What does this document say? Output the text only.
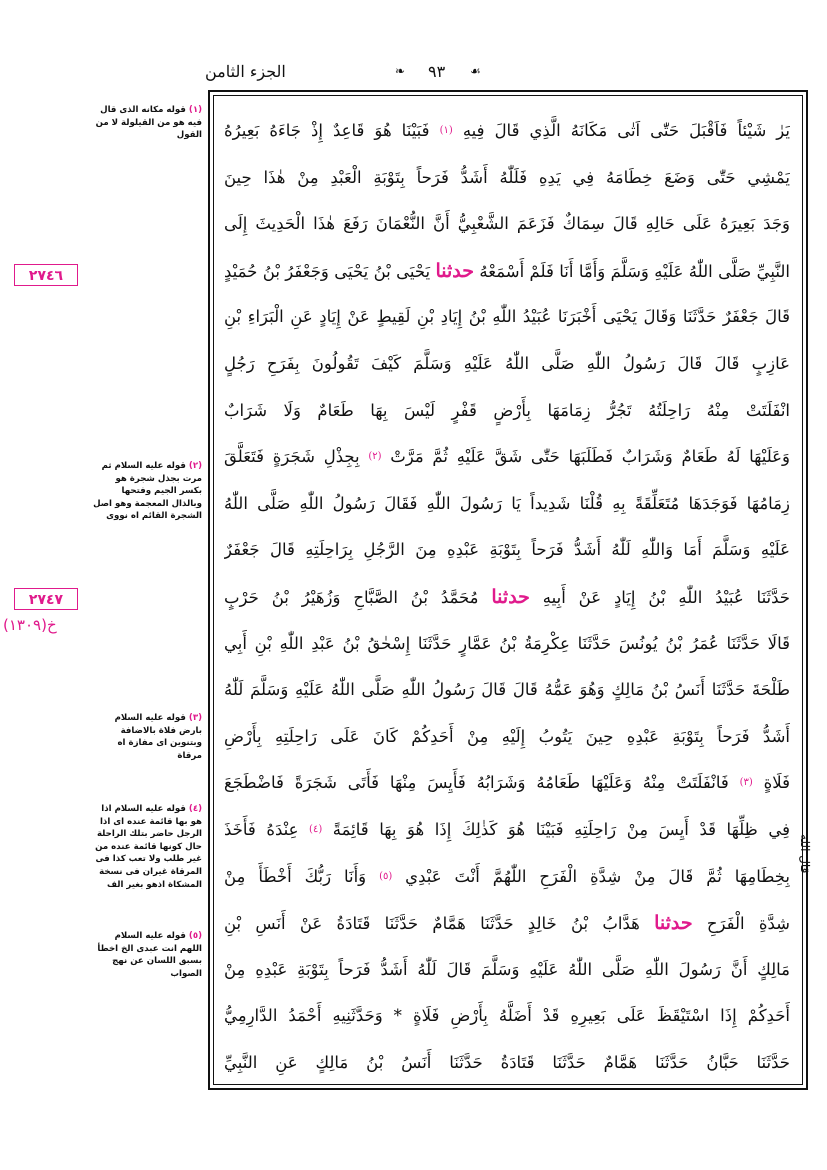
❧ ٩٣ ☙
الجزء الثامن
يَرٰ شَيْئاً فَاَقْبَلَ حَتّٰى اَتٰى مَكَانَهُ الَّذِي قَالَ فِيهِ $^{(١)}$ فَبَيْنَا هُوَ قَاعِدٌ إِذْ جَاءَهُ بَعِيرُهُ
يَمْشِي حَتّٰى وَضَعَ خِطَامَهُ فِي يَدِهِ فَلَلّٰهُ أَشَدُّ فَرَحاً بِتَوْبَةِ الْعَبْدِ مِنْ هٰذَا حِينَ
وَجَدَ بَعِيرَهُ عَلَى حَالِهِ قَالَ سِمَاكٌ فَزَعَمَ الشَّعْبِيُّ أَنَّ النُّعْمَانَ رَفَعَ هٰذَا الْحَدِيثَ إِلَى
النَّبِيِّ صَلَّى اللّٰهُ عَلَيْهِ وَسَلَّمَ وَأَمَّا أَنَا فَلَمْ أَسْمَعْهُ حدثنا يَحْيَى بْنُ يَحْيَى وَجَعْفَرُ بْنُ حُمَيْدٍ
قَالَ جَعْفَرٌ حَدَّثَنَا وَقَالَ يَحْيَى أَخْبَرَنَا عُبَيْدُ اللّٰهِ بْنُ إِيَادِ بْنِ لَقِيطٍ عَنْ إِيَادٍ عَنِ الْبَرَاءِ بْنِ
عَازِبٍ قَالَ قَالَ رَسُولُ اللّٰهِ صَلَّى اللّٰهُ عَلَيْهِ وَسَلَّمَ كَيْفَ تَقُولُونَ بِفَرَحِ رَجُلٍ
انْفَلَتَتْ مِنْهُ رَاحِلَتُهُ تَجُرُّ زِمَامَهَا بِأَرْضٍ قَفْرٍ لَيْسَ بِهَا طَعَامٌ وَلَا شَرَابٌ
وَعَلَيْهَا لَهُ طَعَامٌ وَشَرَابٌ فَطَلَبَهَا حَتّٰى شَقَّ عَلَيْهِ ثُمَّ مَرَّتْ $^{(٢)}$ بِجِذْلِ شَجَرَةٍ فَتَعَلَّقَ
زِمَامُهَا فَوَجَدَهَا مُتَعَلِّقَةً بِهِ قُلْنَا شَدِيداً يَا رَسُولَ اللّٰهِ فَقَالَ رَسُولُ اللّٰهِ صَلَّى اللّٰهُ
عَلَيْهِ وَسَلَّمَ أَمَا وَاللّٰهِ لَلّٰهُ أَشَدُّ فَرَحاً بِتَوْبَةِ عَبْدِهِ مِنَ الرَّجُلِ بِرَاحِلَتِهِ قَالَ جَعْفَرٌ
حَدَّثَنَا عُبَيْدُ اللّٰهِ بْنُ إِيَادٍ عَنْ أَبِيهِ حدثنا مُحَمَّدُ بْنُ الصَّبَّاحِ وَزُهَيْرُ بْنُ حَرْبٍ
قَالَا حَدَّثَنَا عُمَرُ بْنُ يُونُسَ حَدَّثَنَا عِكْرِمَةُ بْنُ عَمَّارٍ حَدَّثَنَا إِسْحٰقُ بْنُ عَبْدِ اللّٰهِ بْنِ أَبِي
طَلْحَةَ حَدَّثَنَا أَنَسُ بْنُ مَالِكٍ وَهُوَ عَمُّهُ قَالَ قَالَ رَسُولُ اللّٰهِ صَلَّى اللّٰهُ عَلَيْهِ وَسَلَّمَ لَلّٰهُ
أَشَدُّ فَرَحاً بِتَوْبَةِ عَبْدِهِ حِينَ يَتُوبُ إِلَيْهِ مِنْ أَحَدِكُمْ كَانَ عَلَى رَاحِلَتِهِ بِأَرْضِ
فَلَاةٍ $^{(٣)}$ فَانْفَلَتَتْ مِنْهُ وَعَلَيْهَا طَعَامُهُ وَشَرَابُهُ فَأَيِسَ مِنْهَا فَأَتَى شَجَرَةً فَاضْطَجَعَ
فِي ظِلِّهَا قَدْ أَيِسَ مِنْ رَاحِلَتِهِ فَبَيْنَا هُوَ كَذٰلِكَ إِذَا هُوَ بِهَا قَائِمَةً $^{(٤)}$ عِنْدَهُ فَأَخَذَ
بِخِطَامِهَا ثُمَّ قَالَ مِنْ شِدَّةِ الْفَرَحِ اللّٰهُمَّ أَنْتَ عَبْدِي $^{(٥)}$ وَأَنَا رَبُّكَ أَخْطَأَ مِنْ
شِدَّةِ الْفَرَحِ حدثنا هَدَّابُ بْنُ خَالِدٍ حَدَّثَنَا هَمَّامٌ حَدَّثَنَا قَتَادَةُ عَنْ أَنَسِ بْنِ
مَالِكٍ أَنَّ رَسُولَ اللّٰهِ صَلَّى اللّٰهُ عَلَيْهِ وَسَلَّمَ قَالَ لَلّٰهُ أَشَدُّ فَرَحاً بِتَوْبَةِ عَبْدِهِ مِنْ
أَحَدِكُمْ إِذَا اسْتَيْقَظَ عَلَى بَعِيرِهِ قَدْ أَضَلَّهُ بِأَرْضِ فَلَاةٍ * وَحَدَّثَنِيهِ أَحْمَدُ الدَّارِمِيُّ
حَدَّثَنَا حَبَّانُ حَدَّثَنَا هَمَّامٌ حَدَّثَنَا قَتَادَةُ حَدَّثَنَا أَنَسُ بْنُ مَالِكٍ عَنِ النَّبِيِّ
(١) قوله مكانه الذى قال فيه هو من القيلولة لا من القول
(٢) قوله عليه السلام ثم مرت بجذل شجرة هو بكسر الجيم وفتحها وبالذال المعجمة وهو اصل الشجرة القائم اه نووى
(٣) قوله عليه السلام بارض فلاة بالاضافة وبتنوين اى مفازة اه مرقاة
(٤) قوله عليه السلام اذا هو بها قائمة عنده اى اذا الرجل حاضر بتلك الراحلة حال كونها قائمة عنده من غير طلب ولا تعب كذا فى المرقاة غيران فى نسخة المشكاة اذهو بغير الف
(٥) قوله عليه السلام اللهم انت عبدى الخ اخطأ بسبق اللسان عن نهج الصواب
٢٧٤٦
٢٧٤٧
خ(١٣٠٩)
قال الله
